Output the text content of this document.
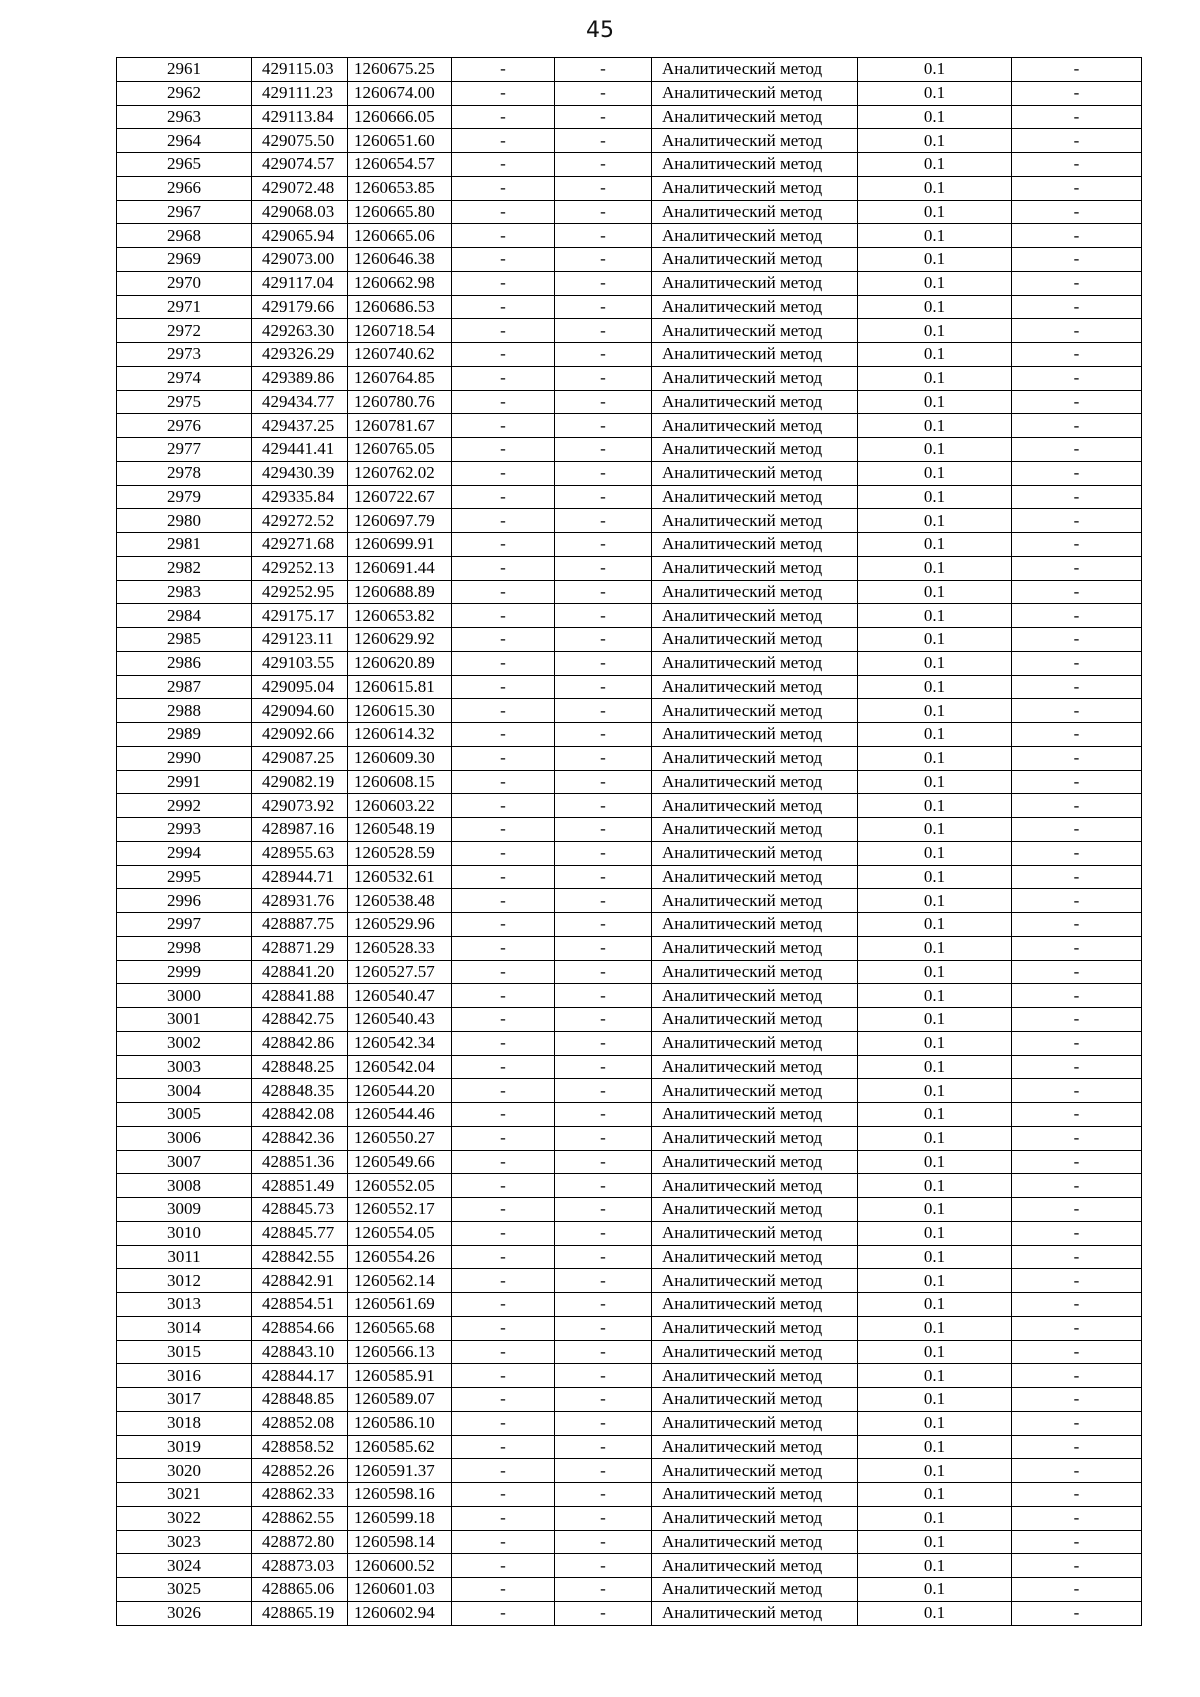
45
2961	429115.03	1260675.25	-	-	Аналитический метод	0.1	-
2962	429111.23	1260674.00	-	-	Аналитический метод	0.1	-
2963	429113.84	1260666.05	-	-	Аналитический метод	0.1	-
2964	429075.50	1260651.60	-	-	Аналитический метод	0.1	-
2965	429074.57	1260654.57	-	-	Аналитический метод	0.1	-
2966	429072.48	1260653.85	-	-	Аналитический метод	0.1	-
2967	429068.03	1260665.80	-	-	Аналитический метод	0.1	-
2968	429065.94	1260665.06	-	-	Аналитический метод	0.1	-
2969	429073.00	1260646.38	-	-	Аналитический метод	0.1	-
2970	429117.04	1260662.98	-	-	Аналитический метод	0.1	-
2971	429179.66	1260686.53	-	-	Аналитический метод	0.1	-
2972	429263.30	1260718.54	-	-	Аналитический метод	0.1	-
2973	429326.29	1260740.62	-	-	Аналитический метод	0.1	-
2974	429389.86	1260764.85	-	-	Аналитический метод	0.1	-
2975	429434.77	1260780.76	-	-	Аналитический метод	0.1	-
2976	429437.25	1260781.67	-	-	Аналитический метод	0.1	-
2977	429441.41	1260765.05	-	-	Аналитический метод	0.1	-
2978	429430.39	1260762.02	-	-	Аналитический метод	0.1	-
2979	429335.84	1260722.67	-	-	Аналитический метод	0.1	-
2980	429272.52	1260697.79	-	-	Аналитический метод	0.1	-
2981	429271.68	1260699.91	-	-	Аналитический метод	0.1	-
2982	429252.13	1260691.44	-	-	Аналитический метод	0.1	-
2983	429252.95	1260688.89	-	-	Аналитический метод	0.1	-
2984	429175.17	1260653.82	-	-	Аналитический метод	0.1	-
2985	429123.11	1260629.92	-	-	Аналитический метод	0.1	-
2986	429103.55	1260620.89	-	-	Аналитический метод	0.1	-
2987	429095.04	1260615.81	-	-	Аналитический метод	0.1	-
2988	429094.60	1260615.30	-	-	Аналитический метод	0.1	-
2989	429092.66	1260614.32	-	-	Аналитический метод	0.1	-
2990	429087.25	1260609.30	-	-	Аналитический метод	0.1	-
2991	429082.19	1260608.15	-	-	Аналитический метод	0.1	-
2992	429073.92	1260603.22	-	-	Аналитический метод	0.1	-
2993	428987.16	1260548.19	-	-	Аналитический метод	0.1	-
2994	428955.63	1260528.59	-	-	Аналитический метод	0.1	-
2995	428944.71	1260532.61	-	-	Аналитический метод	0.1	-
2996	428931.76	1260538.48	-	-	Аналитический метод	0.1	-
2997	428887.75	1260529.96	-	-	Аналитический метод	0.1	-
2998	428871.29	1260528.33	-	-	Аналитический метод	0.1	-
2999	428841.20	1260527.57	-	-	Аналитический метод	0.1	-
3000	428841.88	1260540.47	-	-	Аналитический метод	0.1	-
3001	428842.75	1260540.43	-	-	Аналитический метод	0.1	-
3002	428842.86	1260542.34	-	-	Аналитический метод	0.1	-
3003	428848.25	1260542.04	-	-	Аналитический метод	0.1	-
3004	428848.35	1260544.20	-	-	Аналитический метод	0.1	-
3005	428842.08	1260544.46	-	-	Аналитический метод	0.1	-
3006	428842.36	1260550.27	-	-	Аналитический метод	0.1	-
3007	428851.36	1260549.66	-	-	Аналитический метод	0.1	-
3008	428851.49	1260552.05	-	-	Аналитический метод	0.1	-
3009	428845.73	1260552.17	-	-	Аналитический метод	0.1	-
3010	428845.77	1260554.05	-	-	Аналитический метод	0.1	-
3011	428842.55	1260554.26	-	-	Аналитический метод	0.1	-
3012	428842.91	1260562.14	-	-	Аналитический метод	0.1	-
3013	428854.51	1260561.69	-	-	Аналитический метод	0.1	-
3014	428854.66	1260565.68	-	-	Аналитический метод	0.1	-
3015	428843.10	1260566.13	-	-	Аналитический метод	0.1	-
3016	428844.17	1260585.91	-	-	Аналитический метод	0.1	-
3017	428848.85	1260589.07	-	-	Аналитический метод	0.1	-
3018	428852.08	1260586.10	-	-	Аналитический метод	0.1	-
3019	428858.52	1260585.62	-	-	Аналитический метод	0.1	-
3020	428852.26	1260591.37	-	-	Аналитический метод	0.1	-
3021	428862.33	1260598.16	-	-	Аналитический метод	0.1	-
3022	428862.55	1260599.18	-	-	Аналитический метод	0.1	-
3023	428872.80	1260598.14	-	-	Аналитический метод	0.1	-
3024	428873.03	1260600.52	-	-	Аналитический метод	0.1	-
3025	428865.06	1260601.03	-	-	Аналитический метод	0.1	-
3026	428865.19	1260602.94	-	-	Аналитический метод	0.1	-
